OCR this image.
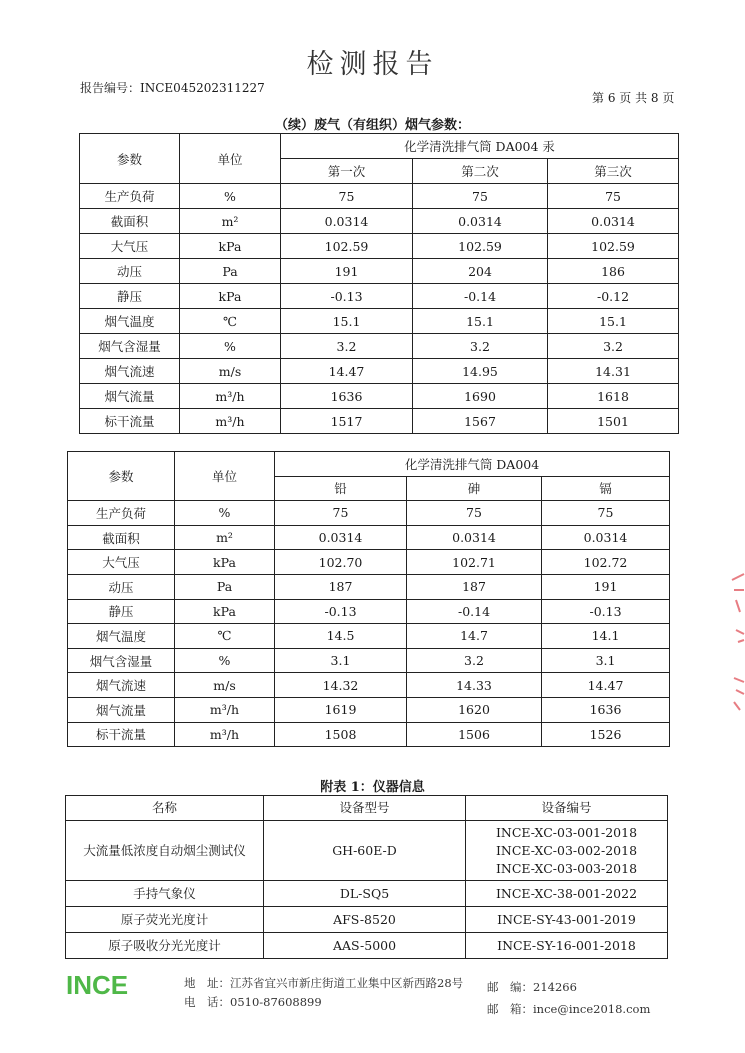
检测报告
报告编号：INCE045202311227
第 6 页 共 8 页
（续）废气（有组织）烟气参数：
参数	单位	化学清洗排气筒 DA004 汞		
		第一次	第二次	第三次
生产负荷	%	75	75	75
截面积	m²	0.0314	0.0314	0.0314
大气压	kPa	102.59	102.59	102.59
动压	Pa	191	204	186
静压	kPa	-0.13	-0.14	-0.12
烟气温度	℃	15.1	15.1	15.1
烟气含湿量	%	3.2	3.2	3.2
烟气流速	m/s	14.47	14.95	14.31
烟气流量	m³/h	1636	1690	1618
标干流量	m³/h	1517	1567	1501
参数	单位	化学清洗排气筒 DA004		
		铅	砷	镉
生产负荷	%	75	75	75
截面积	m²	0.0314	0.0314	0.0314
大气压	kPa	102.70	102.71	102.72
动压	Pa	187	187	191
静压	kPa	-0.13	-0.14	-0.13
烟气温度	℃	14.5	14.7	14.1
烟气含湿量	%	3.1	3.2	3.1
烟气流速	m/s	14.32	14.33	14.47
烟气流量	m³/h	1619	1620	1636
标干流量	m³/h	1508	1506	1526
附表 1：仪器信息
名称	设备型号	设备编号
大流量低浓度自动烟尘测试仪	GH-60E-D	INCE-XC-03-001-2018
INCE-XC-03-002-2018
INCE-XC-03-003-2018

手持气象仪	DL-SQ5	INCE-XC-38-001-2022

原子荧光光度计	AFS-8520	INCE-SY-43-001-2019

原子吸收分光光度计	AAS-5000	INCE-SY-16-001-2018
INCE	地　址：江苏省宜兴市新庄街道工业集中区新西路28号
电　话：0510-87608899
邮　编：214266
邮　箱：ince@ince2018.com
